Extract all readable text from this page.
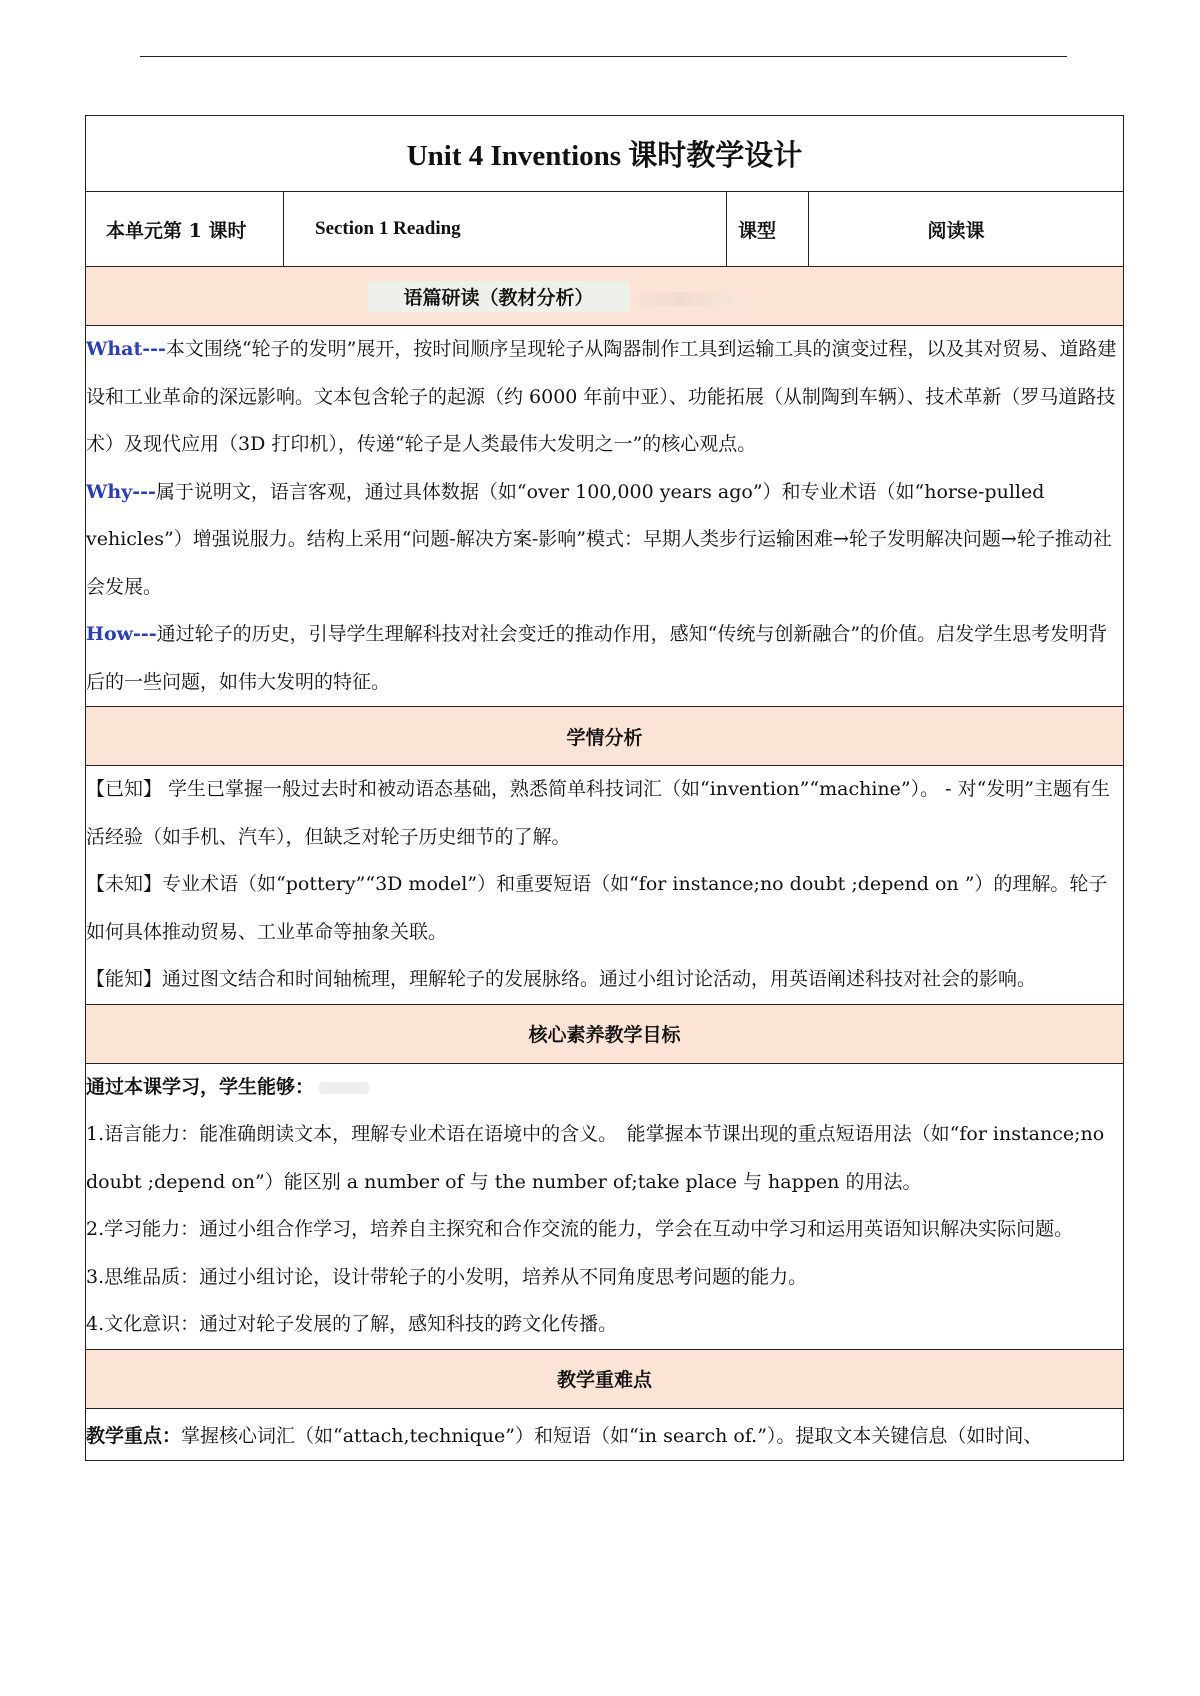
Unit 4 Inventions 课时教学设计
本单元第 1 课时	Section 1 Reading	课型	阅读课
语篇研读（教材分析）

What---本文围绕“轮子的发明”展开，按时间顺序呈现轮子从陶器制作工具到运输工具的演变过程，以及其对贸易、道路建设和工业革命的深远影响。文本包含轮子的起源（约 6000 年前中亚）、功能拓展（从制陶到车辆）、技术革新（罗马道路技术）及现代应用（3D 打印机），传递“轮子是人类最伟大发明之一”的核心观点。

Why---属于说明文，语言客观，通过具体数据（如“over 100,000 years ago”）和专业术语（如“horse-pulled vehicles”）增强说服力。结构上采用“问题-解决方案-影响”模式：早期人类步行运输困难→轮子发明解决问题→轮子推动社会发展。

How---通过轮子的历史，引导学生理解科技对社会变迁的推动作用，感知“传统与创新融合”的价值。启发学生思考发明背后的一些问题，如伟大发明的特征。

学情分析

【已知】 学生已掌握一般过去时和被动语态基础，熟悉简单科技词汇（如“invention”“machine”）。 - 对“发明”主题有生活经验（如手机、汽车），但缺乏对轮子历史细节的了解。

【未知】专业术语（如“pottery”“3D model”）和重要短语（如“for instance;no doubt ;depend on ”）的理解。轮子如何具体推动贸易、工业革命等抽象关联。

【能知】通过图文结合和时间轴梳理，理解轮子的发展脉络。通过小组讨论活动，用英语阐述科技对社会的影响。

核心素养教学目标

通过本课学习，学生能够：

1.语言能力：能准确朗读文本，理解专业术语在语境中的含义。　能掌握本节课出现的重点短语用法（如“for instance;no doubt ;depend on”）能区别 a number of 与 the number of;take place 与 happen 的用法。

2.学习能力：通过小组合作学习，培养自主探究和合作交流的能力，学会在互动中学习和运用英语知识解决实际问题。

3.思维品质：通过小组讨论，设计带轮子的小发明，培养从不同角度思考问题的能力。

4.文化意识：通过对轮子发展的了解，感知科技的跨文化传播。

教学重难点

教学重点：掌握核心词汇（如“attach,technique”）和短语（如“in search of.”）。提取文本关键信息（如时间、
